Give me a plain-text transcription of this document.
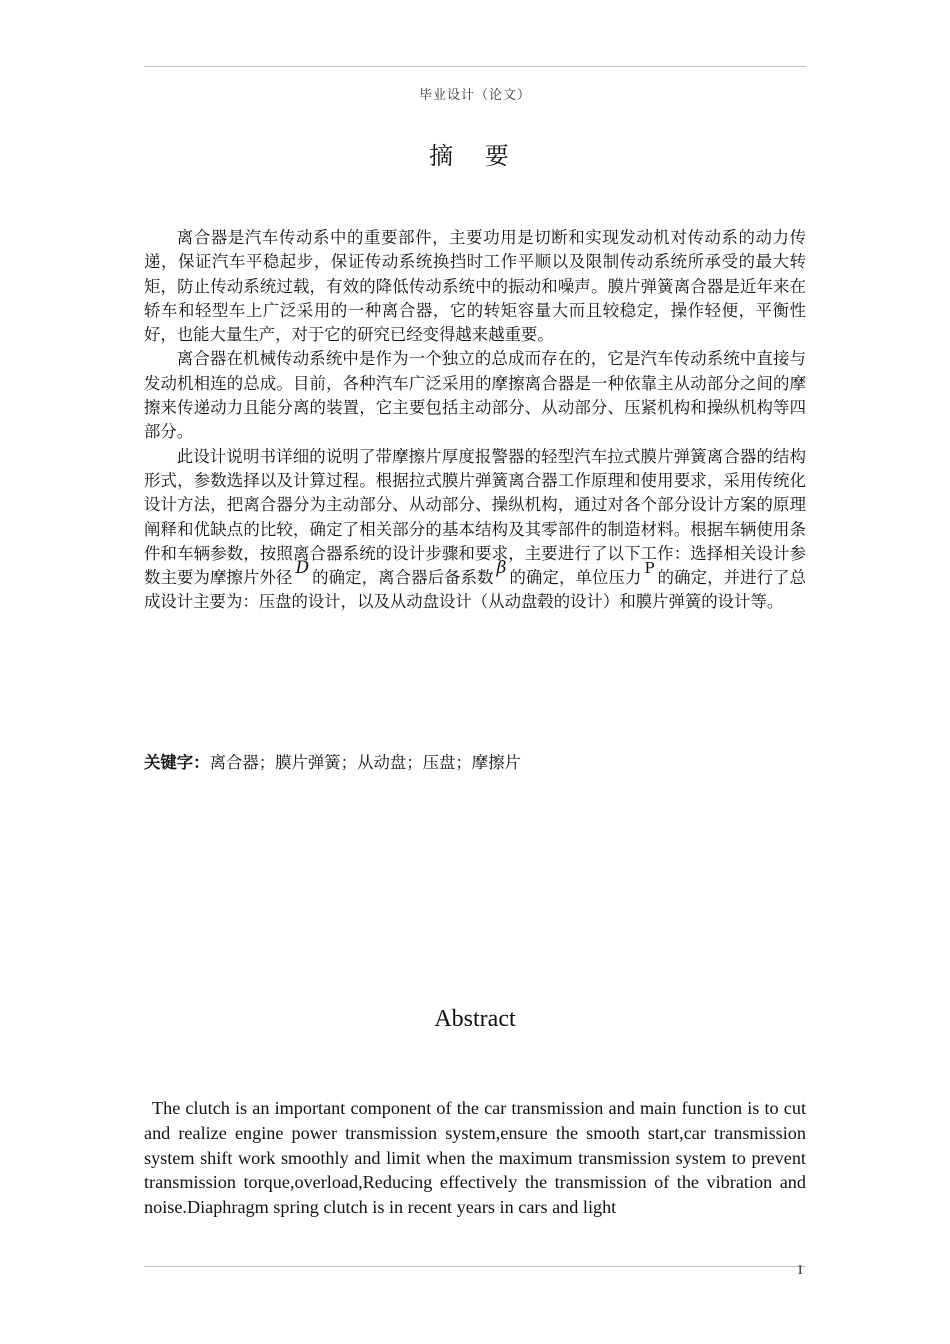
毕业设计（论文）
摘 要

离合器是汽车传动系中的重要部件，主要功用是切断和实现发动机对传动系的动力传递，保证汽车平稳起步，保证传动系统换挡时工作平顺以及限制传动系统所承受的最大转矩，防止传动系统过载，有效的降低传动系统中的振动和噪声。膜片弹簧离合器是近年来在轿车和轻型车上广泛采用的一种离合器，它的转矩容量大而且较稳定，操作轻便，平衡性好，也能大量生产，对于它的研究已经变得越来越重要。

离合器在机械传动系统中是作为一个独立的总成而存在的，它是汽车传动系统中直接与发动机相连的总成。目前，各种汽车广泛采用的摩擦离合器是一种依靠主从动部分之间的摩擦来传递动力且能分离的装置，它主要包括主动部分、从动部分、压紧机构和操纵机构等四部分。

此设计说明书详细的说明了带摩擦片厚度报警器的轻型汽车拉式膜片弹簧离合器的结构形式，参数选择以及计算过程。根据拉式膜片弹簧离合器工作原理和使用要求，采用传统化设计方法，把离合器分为主动部分、从动部分、操纵机构，通过对各个部分设计方案的原理阐释和优缺点的比较，确定了相关部分的基本结构及其零部件的制造材料。根据车辆使用条件和车辆参数，按照离合器系统的设计步骤和要求，主要进行了以下工作：选择相关设计参数主要为摩擦片外径 D 的确定，离合器后备系数 β 的确定，单位压力 P 的确定，并进行了总成设计主要为：压盘的设计，以及从动盘设计（从动盘毂的设计）和膜片弹簧的设计等。

关键字：离合器；膜片弹簧；从动盘；压盘；摩擦片
Abstract

The clutch is an important component of the car transmission and main function is to cut and realize engine power transmission system,ensure the smooth start,car transmission system shift work smoothly and limit when the maximum transmission system to prevent transmission torque,overload,Reducing effectively the transmission of the vibration and noise.Diaphragm spring clutch is in recent years in cars and light

I
